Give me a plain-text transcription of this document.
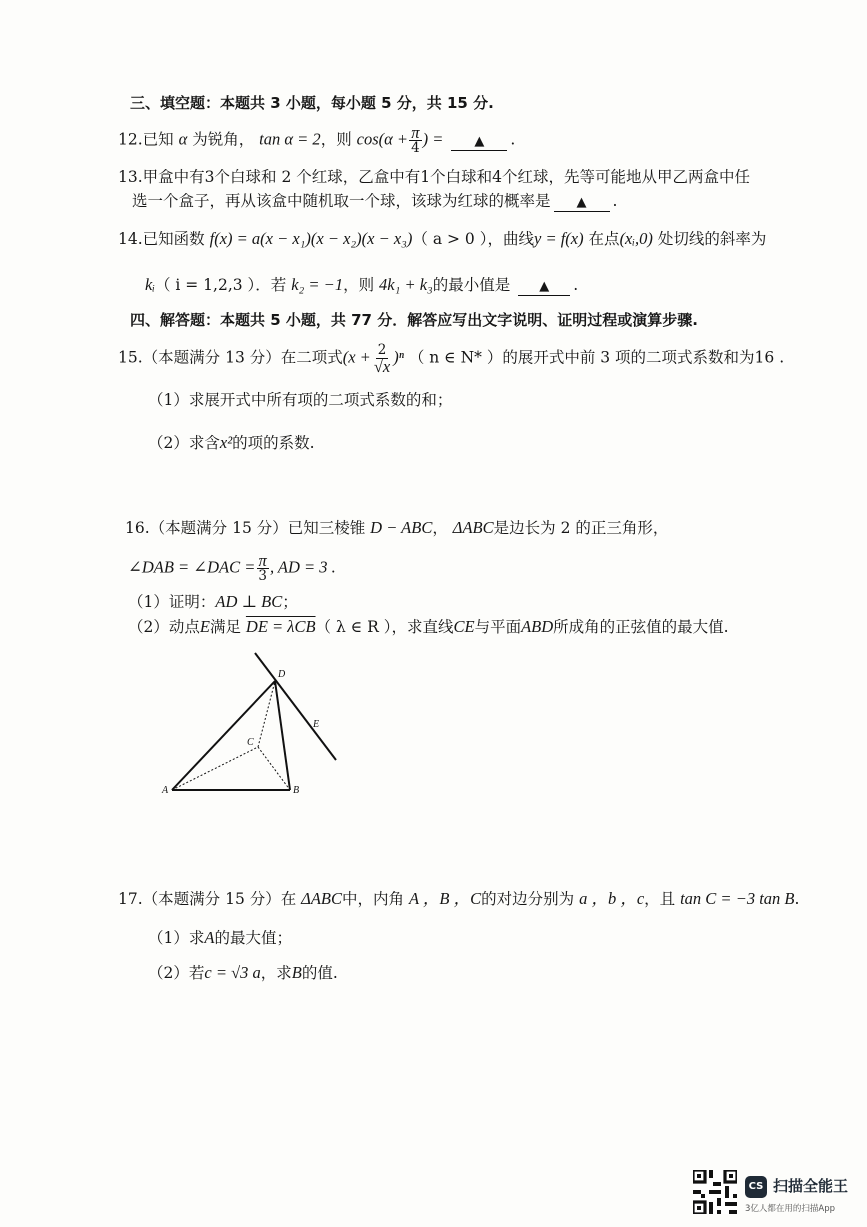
三、填空题：本题共 3 小题，每小题 5 分，共 15 分.
12.已知 α 为锐角， tan α = 2，则 $\cos(\alpha + \frac{\pi}{4}$ ) = ▲ .
13.甲盒中有3个白球和 2 个红球，乙盒中有1个白球和4个红球，先等可能地从甲乙两盒中任
选一个盒子，再从该盒中随机取一个球，该球为红球的概率是 ▲ .
14.已知函数 f(x) = a(x − x₁)(x − x₂)(x − x₃)（ a > 0 ），曲线y = f(x) 在点(xᵢ,0) 处切线的斜率为
kᵢ（ i = 1,2,3 ）．若 k₂ = −1，则 4k₁ + k₃的最小值是 ▲ .
四、解答题：本题共 5 小题，共 77 分．解答应写出文字说明、证明过程或演算步骤.
15.（本题满分 13 分）在二项式$(x + \frac{2}{√x} )^n$ （ n ∈ N* ）的展开式中前 3 项的二项式系数和为16 .
（1）求展开式中所有项的二项式系数的和；
（2）求含x²的项的系数.
16.（本题满分 15 分）已知三棱锥 D − ABC， ΔABC是边长为 2 的正三角形，
∠DAB = ∠DAC = $\frac{\pi}{3}$ , AD = 3 .
（1）证明：AD ⊥ BC；
（2）动点E满足 DE = λCB（ λ ∈ R ），求直线CE与平面ABD所成角的正弦值的最大值.
A	B
C
D
E
17.（本题满分 15 分）在 ΔABC中，内角 A ，B ，C的对边分别为 a ，b ，c，且 tan C = −3 tan B.
（1）求A的最大值；
（2）若c = √3 a，求B的值.
CS 扫描全能王
3亿人都在用的扫描App
